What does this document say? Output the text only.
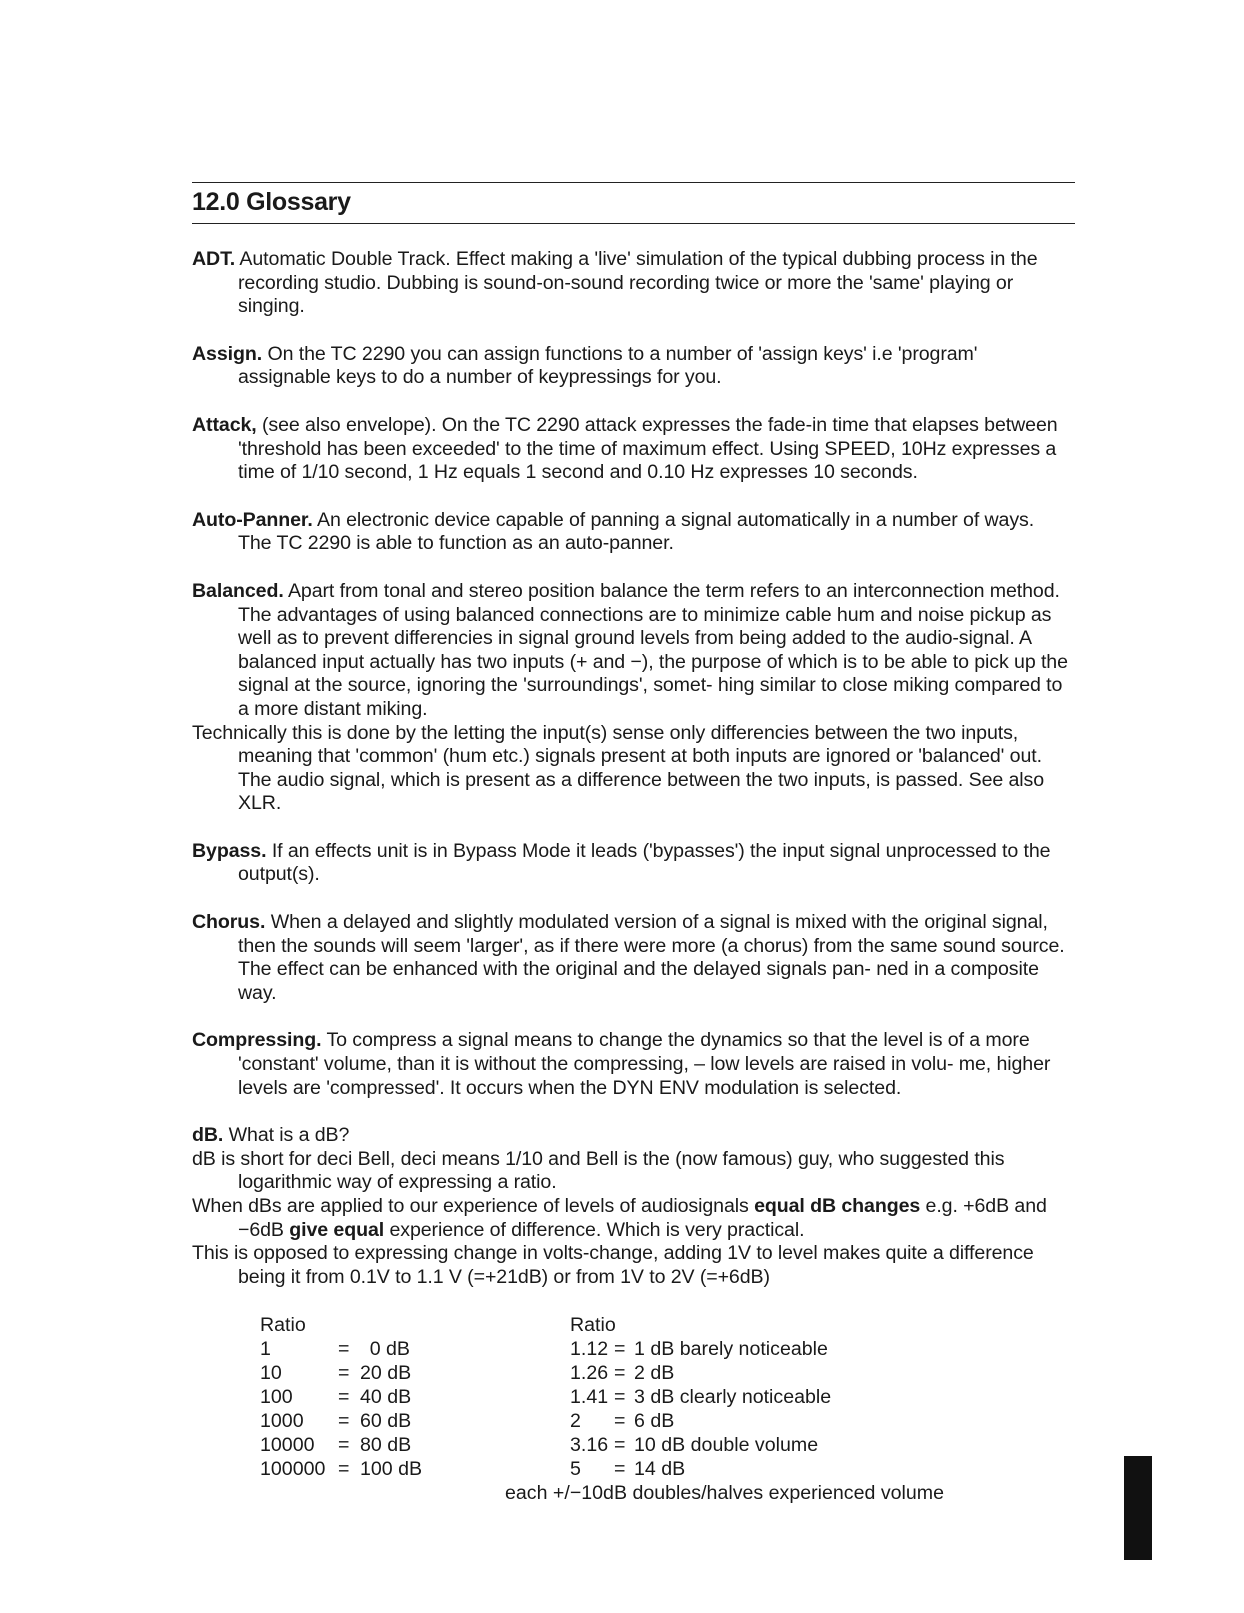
12.0 Glossary
ADT. Automatic Double Track. Effect making a 'live' simulation of the typical dubbing process in the recording studio. Dubbing is sound-on-sound recording twice or more the 'same' playing or singing.
Assign. On the TC 2290 you can assign functions to a number of 'assign keys' i.e 'program' assignable keys to do a number of keypressings for you.
Attack, (see also envelope). On the TC 2290 attack expresses the fade-in time that elapses between 'threshold has been exceeded' to the time of maximum effect. Using SPEED, 10Hz expresses a time of 1/10 second, 1 Hz equals 1 second and 0.10 Hz expresses 10 seconds.
Auto-Panner. An electronic device capable of panning a signal automatically in a number of ways. The TC 2290 is able to function as an auto-panner.
Balanced. Apart from tonal and stereo position balance the term refers to an interconnection method. The advantages of using balanced connections are to minimize cable hum and noise pickup as well as to prevent differencies in signal ground levels from being added to the audio-signal. A balanced input actually has two inputs (+ and −), the purpose of which is to be able to pick up the signal at the source, ignoring the 'surroundings', somet- hing similar to close miking compared to a more distant miking.
Technically this is done by the letting the input(s) sense only differencies between the two inputs, meaning that 'common' (hum etc.) signals present at both inputs are ignored or 'balanced' out. The audio signal, which is present as a difference between the two inputs, is passed. See also XLR.
Bypass. If an effects unit is in Bypass Mode it leads ('bypasses') the input signal unprocessed to the output(s).
Chorus. When a delayed and slightly modulated version of a signal is mixed with the original signal, then the sounds will seem 'larger', as if there were more (a chorus) from the same sound source. The effect can be enhanced with the original and the delayed signals pan- ned in a composite way.
Compressing. To compress a signal means to change the dynamics so that the level is of a more 'constant' volume, than it is without the compressing, – low levels are raised in volu- me, higher levels are 'compressed'. It occurs when the DYN ENV modulation is selected.
dB. What is a dB?
dB is short for deci Bell, deci means 1/10 and Bell is the (now famous) guy, who suggested this logarithmic way of expressing a ratio.
When dBs are applied to our experience of levels of audiosignals equal dB changes e.g. +6dB and −6dB give equal experience of difference. Which is very practical.
This is opposed to expressing change in volts-change, adding 1V to level makes quite a difference being it from 0.1V to 1.1 V (=+21dB) or from 1V to 2V (=+6dB)
Ratio
1	= 0 dB
10	= 20 dB
100 = 40 dB
1000 = 60 dB
10000 = 80 dB
100000 = 100 dB
Ratio
1.12 = 1 dB barely noticeable
1.26 = 2 dB
1.41 = 3 dB clearly noticeable
2 = 6 dB
3.16 = 10 dB double volume
5 = 14 dB
each +/−10dB doubles/halves experienced volume
